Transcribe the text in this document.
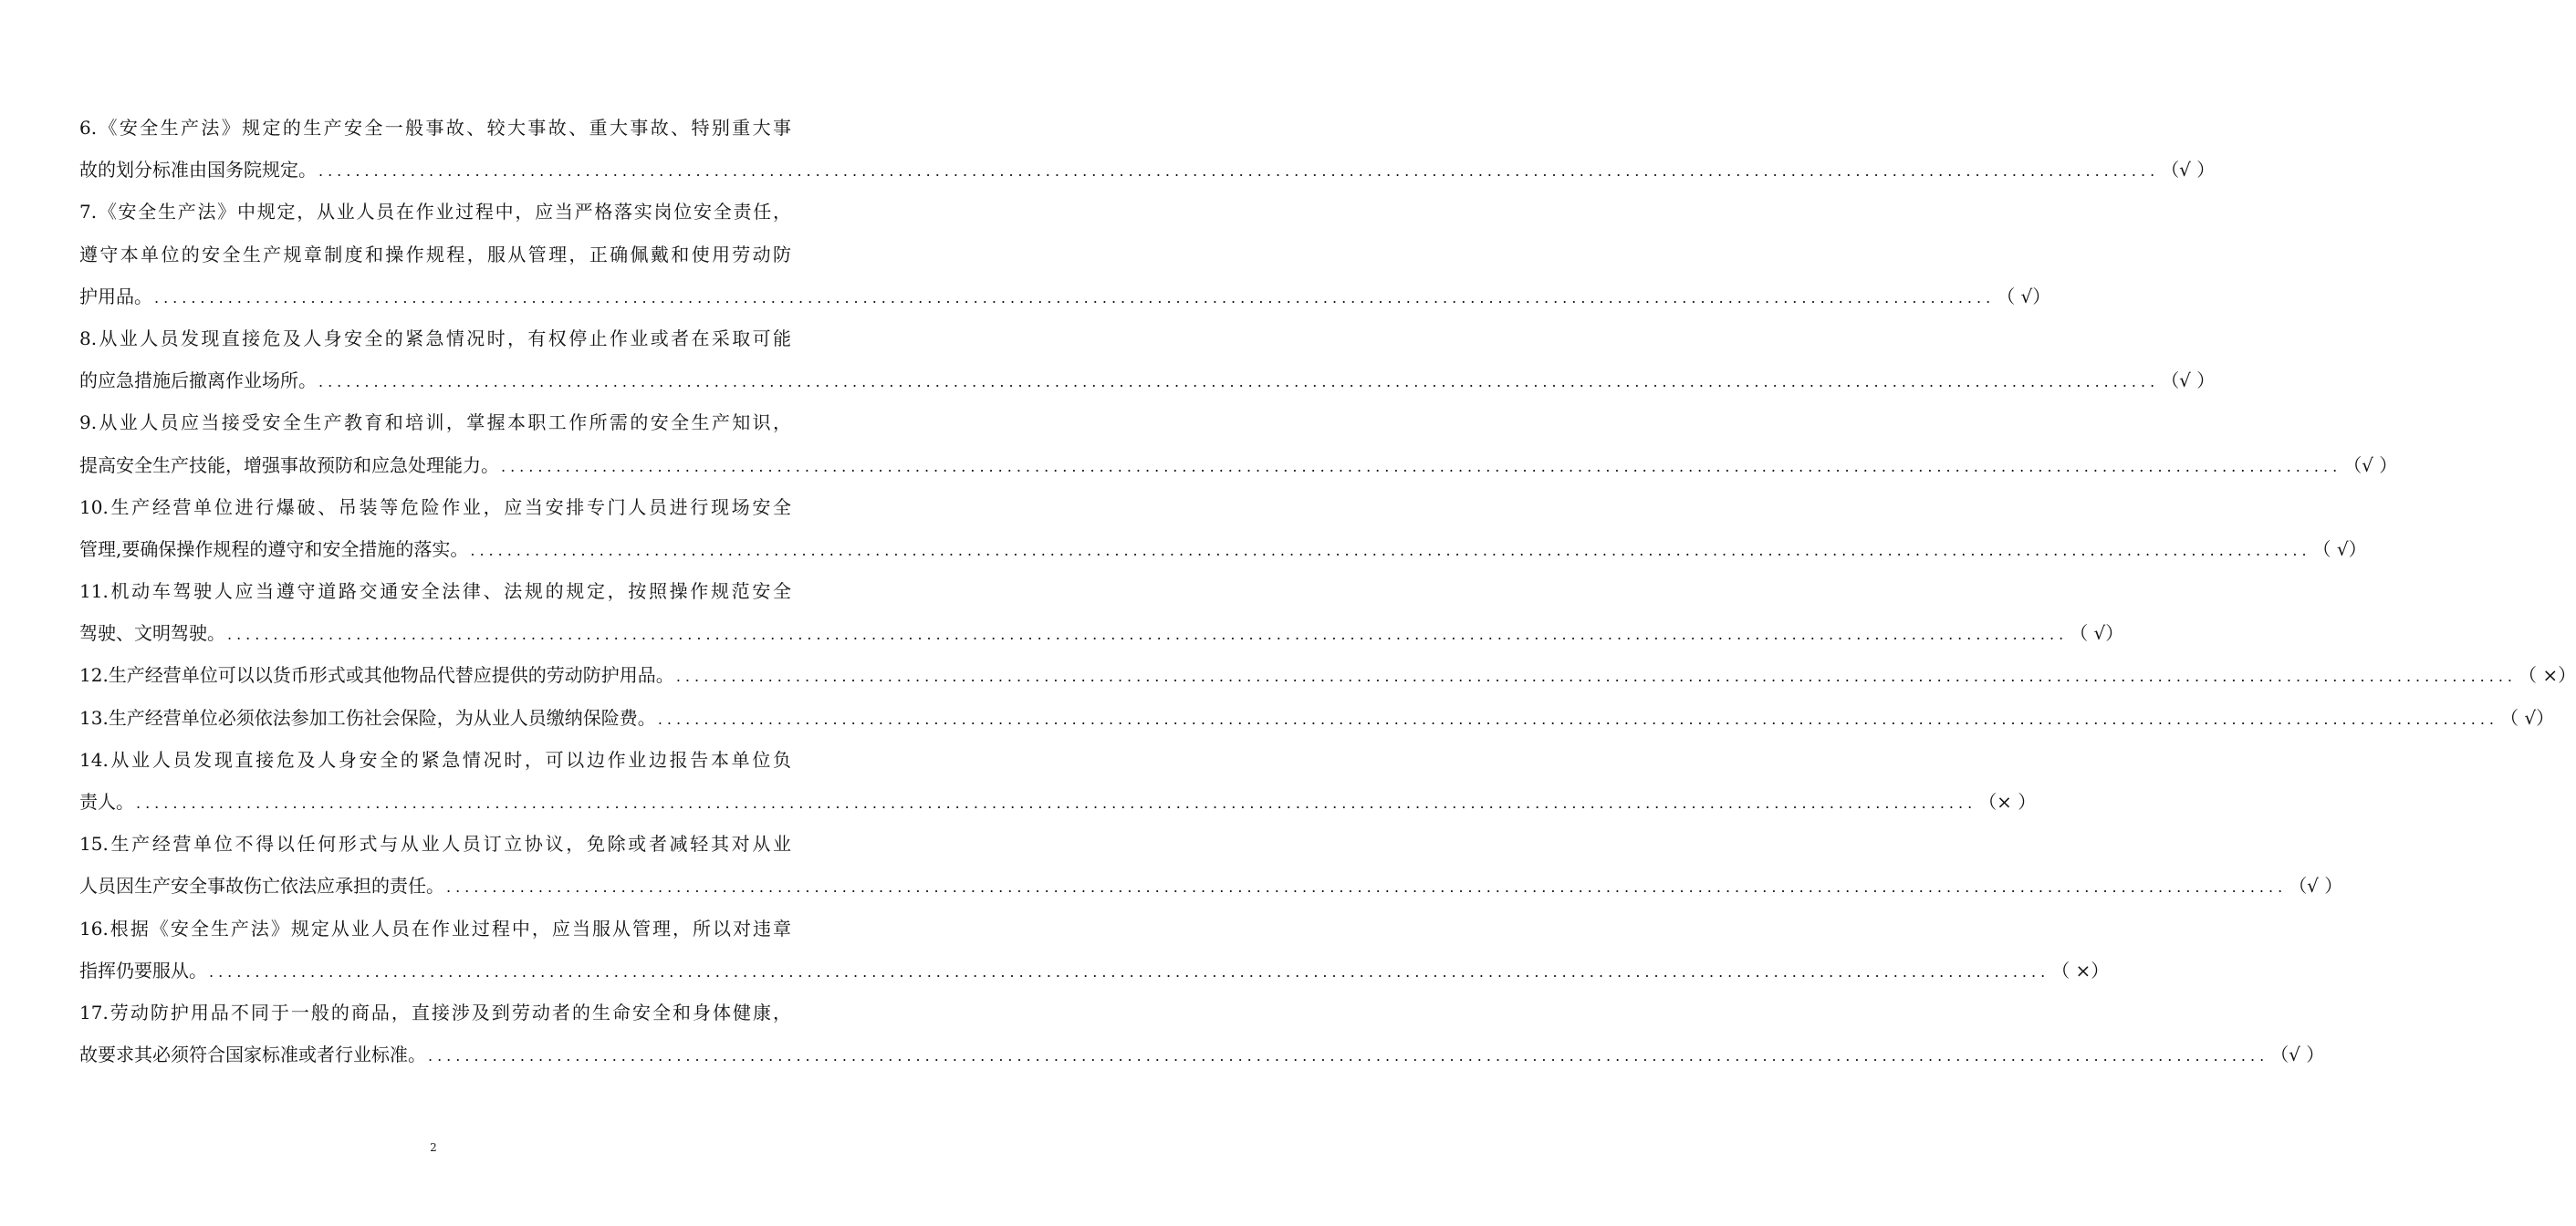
6.《安全生产法》规定的生产安全一般事故、较大事故、重大事故、特别重大事
故的划分标准由国务院规定。 ........................................................................................................................................................................................................ （√ ）
7.《安全生产法》中规定，从业人员在作业过程中，应当严格落实岗位安全责任，
遵守本单位的安全生产规章制度和操作规程，服从管理，正确佩戴和使用劳动防
护用品。 ........................................................................................................................................................................................................ （ √）
8.从业人员发现直接危及人身安全的紧急情况时，有权停止作业或者在采取可能
的应急措施后撤离作业场所。 ........................................................................................................................................................................................................ （√ ）
9.从业人员应当接受安全生产教育和培训，掌握本职工作所需的安全生产知识，
提高安全生产技能，增强事故预防和应急处理能力。 ........................................................................................................................................................................................................ （√ ）
10.生产经营单位进行爆破、吊装等危险作业，应当安排专门人员进行现场安全
管理,要确保操作规程的遵守和安全措施的落实。 ........................................................................................................................................................................................................ （ √）
11.机动车驾驶人应当遵守道路交通安全法律、法规的规定，按照操作规范安全
驾驶、文明驾驶。 ........................................................................................................................................................................................................ （ √）
12.生产经营单位可以以货币形式或其他物品代替应提供的劳动防护用品。 ........................................................................................................................................................................................................ （ ×）
13.生产经营单位必须依法参加工伤社会保险，为从业人员缴纳保险费。 ........................................................................................................................................................................................................ （ √）
14.从业人员发现直接危及人身安全的紧急情况时，可以边作业边报告本单位负
责人。 ........................................................................................................................................................................................................ （× ）
15.生产经营单位不得以任何形式与从业人员订立协议，免除或者减轻其对从业
人员因生产安全事故伤亡依法应承担的责任。 ........................................................................................................................................................................................................ （√ ）
16.根据《安全生产法》规定从业人员在作业过程中，应当服从管理，所以对违章
指挥仍要服从。 ........................................................................................................................................................................................................ （ ×）
17.劳动防护用品不同于一般的商品，直接涉及到劳动者的生命安全和身体健康，
故要求其必须符合国家标准或者行业标准。 ........................................................................................................................................................................................................ （√ ）
2
